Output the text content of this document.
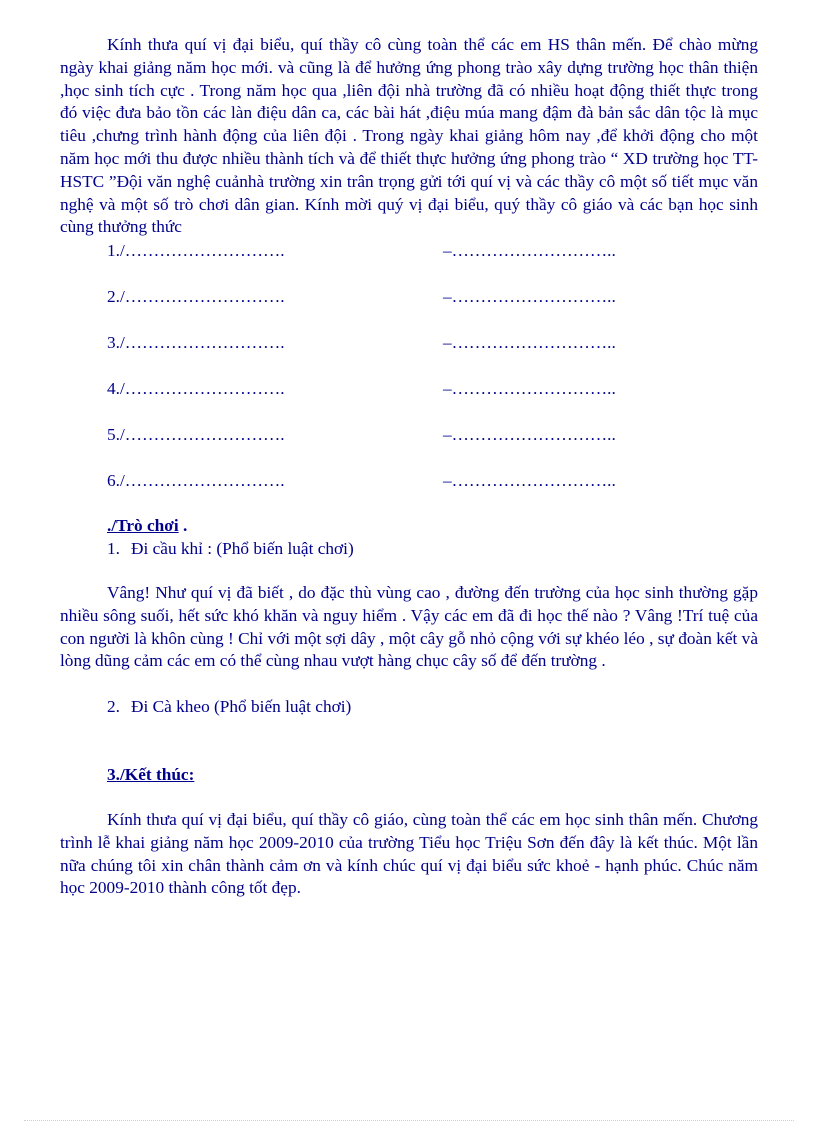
Kính thưa quí vị đại biểu, quí thầy cô cùng toàn thể các em HS thân mến. Để chào mừng ngày khai giảng năm học mới. và cũng là để hưởng ứng phong trào xây dựng trường học thân thiện ,học sinh tích cực . Trong năm học qua ,liên đội nhà trường đã có nhiều hoạt động thiết thực trong đó việc đưa bảo tồn các làn điệu dân ca, các bài hát ,điệu múa mang đậm đà bản sắc dân tộc là mục tiêu ,chưng trình hành động của liên đội . Trong ngày khai giảng hôm nay ,để khởi động cho một năm học mới thu được nhiều thành tích và để thiết thực hưởng ứng phong trào “ XD trường học TT- HSTC ”Đội văn nghệ cuảnhà trường xin trân trọng gửi tới quí vị và các thầy cô một số tiết mục văn nghệ và một số trò chơi dân gian. Kính mời quý vị đại biểu, quý thầy cô giáo và các bạn học sinh cùng thưởng thức

1./……………………….	–………………………..
2./……………………….	–………………………..
3./……………………….	–………………………..
4./……………………….	–………………………..
5./……………………….	–………………………..
6./……………………….	–………………………..
./Trò chơi .
1. Đi cầu khỉ : (Phổ biến luật chơi)

Vâng! Như quí vị đã biết , do đặc thù vùng cao , đường đến trường của học sinh thường gặp nhiều sông suối, hết sức khó khăn và nguy hiểm . Vậy các em đã đi học thế nào ? Vâng !Trí tuệ của con người là khôn cùng ! Chỉ với một sợi dây , một cây gỗ nhỏ cộng với sự khéo léo , sự đoàn kết và lòng dũng cảm các em có thể cùng nhau vượt hàng chục cây số để đến trường .

2. Đi Cà kheo (Phổ biến luật chơi)
3./Kết thúc:

Kính thưa quí vị đại biểu, quí thầy cô giáo, cùng toàn thể các em học sinh thân mến. Chương trình lễ khai giảng năm học 2009-2010 của trường Tiểu học Triệu Sơn đến đây là kết thúc. Một lần nữa chúng tôi xin chân thành cảm ơn và kính chúc quí vị đại biểu sức khoẻ - hạnh phúc. Chúc năm học 2009-2010 thành công tốt đẹp.
